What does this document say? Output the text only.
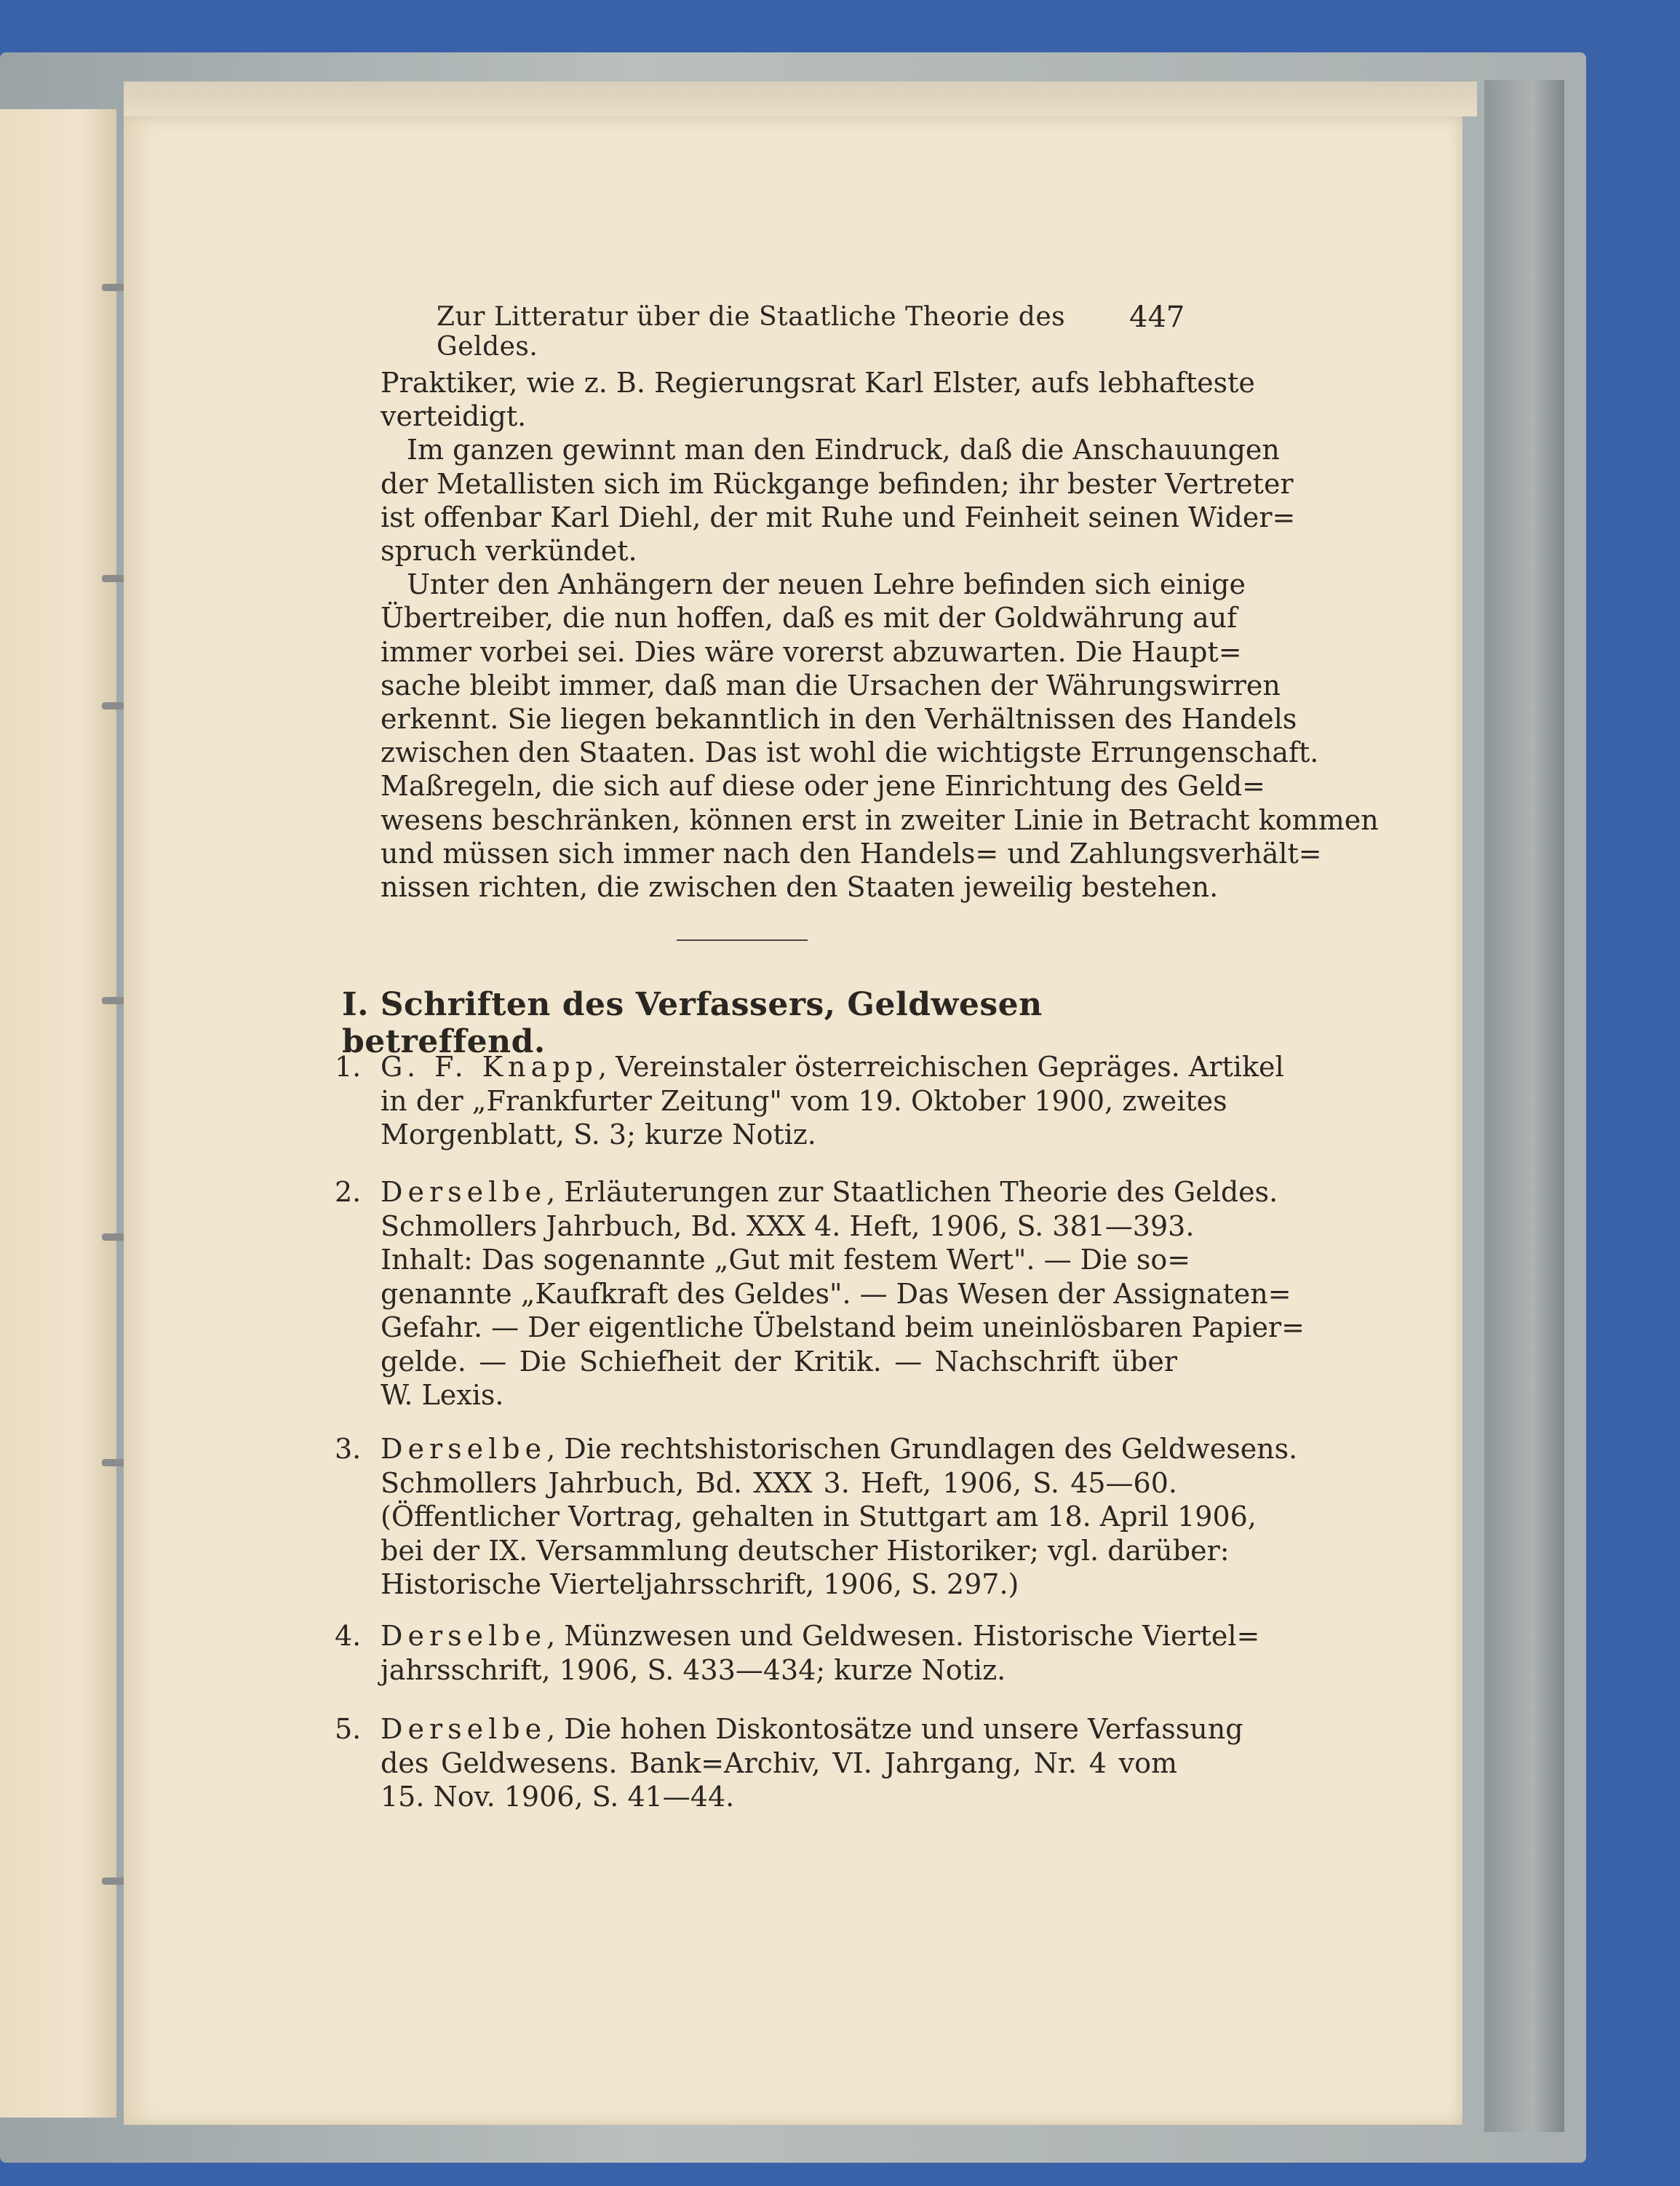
Zur Litteratur über die Staatliche Theorie des Geldes.
447
Praktiker, wie z. B. Regierungsrat Karl Elster, aufs lebhafteste
verteidigt.
Im ganzen gewinnt man den Eindruck, daß die Anschauungen
der Metallisten sich im Rückgange befinden; ihr bester Vertreter
ist offenbar Karl Diehl, der mit Ruhe und Feinheit seinen Wider=
spruch verkündet.
Unter den Anhängern der neuen Lehre befinden sich einige
Übertreiber, die nun hoffen, daß es mit der Goldwährung auf
immer vorbei sei. Dies wäre vorerst abzuwarten. Die Haupt=
sache bleibt immer, daß man die Ursachen der Währungswirren
erkennt. Sie liegen bekanntlich in den Verhältnissen des Handels
zwischen den Staaten. Das ist wohl die wichtigste Errungenschaft.
Maßregeln, die sich auf diese oder jene Einrichtung des Geld=
wesens beschränken, können erst in zweiter Linie in Betracht kommen
und müssen sich immer nach den Handels= und Zahlungsverhält=
nissen richten, die zwischen den Staaten jeweilig bestehen.
I. Schriften des Verfassers, Geldwesen betreffend.
1. G. F. Knapp, Vereinstaler österreichischen Gepräges. Artikel
in der „Frankfurter Zeitung" vom 19. Oktober 1900, zweites
Morgenblatt, S. 3; kurze Notiz.
2. Derselbe, Erläuterungen zur Staatlichen Theorie des Geldes.
Schmollers Jahrbuch, Bd. XXX 4. Heft, 1906, S. 381—393.
Inhalt: Das sogenannte „Gut mit festem Wert". — Die so=
genannte „Kaufkraft des Geldes". — Das Wesen der Assignaten=
Gefahr. — Der eigentliche Übelstand beim uneinlösbaren Papier=
gelde. — Die Schiefheit der Kritik. — Nachschrift über
W. Lexis.
3. Derselbe, Die rechtshistorischen Grundlagen des Geldwesens.
Schmollers Jahrbuch, Bd. XXX 3. Heft, 1906, S. 45—60.
(Öffentlicher Vortrag, gehalten in Stuttgart am 18. April 1906,
bei der IX. Versammlung deutscher Historiker; vgl. darüber:
Historische Vierteljahrsschrift, 1906, S. 297.)
4. Derselbe, Münzwesen und Geldwesen. Historische Viertel=
jahrsschrift, 1906, S. 433—434; kurze Notiz.
5. Derselbe, Die hohen Diskontosätze und unsere Verfassung
des Geldwesens. Bank=Archiv, VI. Jahrgang, Nr. 4 vom
15. Nov. 1906, S. 41—44.
